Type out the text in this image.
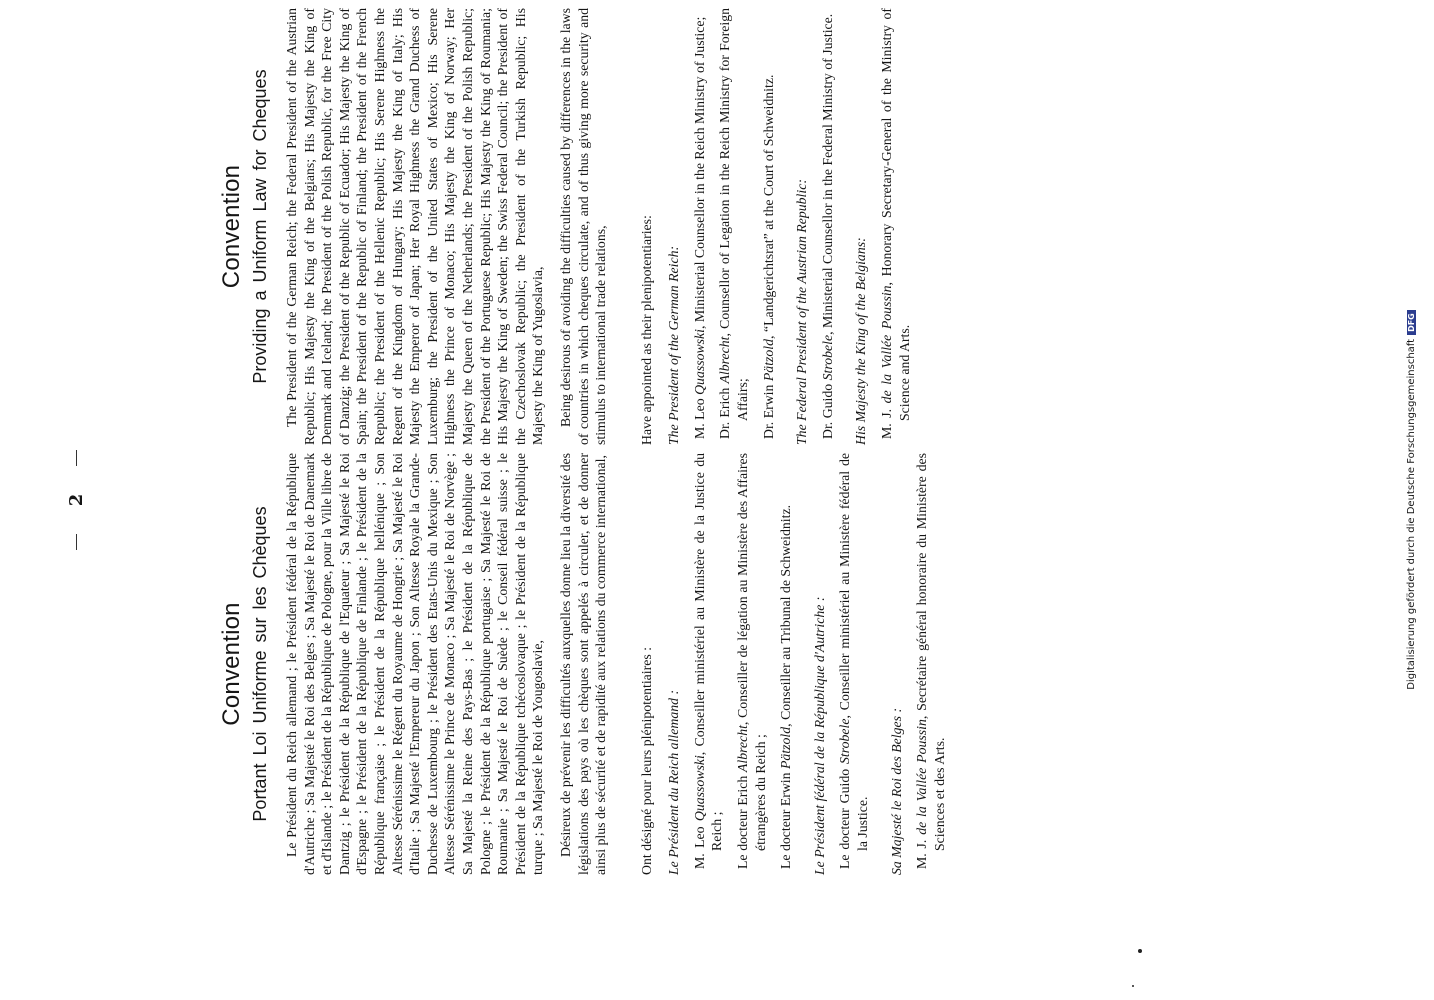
2
Convention Portant Loi Uniforme sur les Chèques Le Président du Reich allemand ; le Président fédéral de la République d'Autriche ; Sa Majesté le Roi des Belges ; Sa Majesté le Roi de Danemark et d'Islande ; le Président de la République de Pologne, pour la Ville libre de Dantzig ; le Président de la République de l'Equateur ; Sa Majesté le Roi d'Espagne ; le Président de la République de Finlande ; le Président de la République française ; le Président de la République hellénique ; Son Altesse Sérénissime le Régent du Royaume de Hongrie ; Sa Majesté le Roi d'Italie ; Sa Majesté l'Empereur du Japon ; Son Altesse Royale la Grande-Duchesse de Luxembourg ; le Président des Etats-Unis du Mexique ; Son Altesse Sérénissime le Prince de Monaco ; Sa Majesté le Roi de Norvège ; Sa Majesté la Reine des Pays-Bas ; le Président de la République de Pologne ; le Président de la République portugaise ; Sa Majesté le Roi de Roumanie ; Sa Majesté le Roi de Suède ; le Conseil fédéral suisse ; le Président de la République tchécoslovaque ; le Président de la République turque ; Sa Majesté le Roi de Yougoslavie, Désireux de prévenir les difficultés auxquelles donne lieu la diversité des législations des pays où les chèques sont appelés à circuler, et de donner ainsi plus de sécurité et de rapidité aux relations du commerce international, Ont désigné pour leurs plénipotentiaires : Le Président du Reich allemand : M. Leo Quassowski, Conseiller ministériel au Ministère de la Justice du Reich ; Le docteur Erich Albrecht, Conseiller de légation au Ministère des Affaires étrangères du Reich ; Le docteur Erwin Pätzold, Conseiller au Tribunal de Schweidnitz. Le Président fédéral de la République d'Autriche : Le docteur Guido Strobele, Conseiller ministériel au Ministère fédéral de la Justice. Sa Majesté le Roi des Belges : M. J. de la Vallée Poussin, Secrétaire général honoraire du Ministère des Sciences et des Arts.
Convention Providing a Uniform Law for Cheques The President of the German Reich; the Federal President of the Austrian Republic; His Majesty the King of the Belgians; His Majesty the King of Denmark and Iceland; the President of the Polish Republic, for the Free City of Danzig; the President of the Republic of Ecuador; His Majesty the King of Spain; the President of the Republic of Finland; the President of the French Republic; the President of the Hellenic Republic; His Serene Highness the Regent of the Kingdom of Hungary; His Majesty the King of Italy; His Majesty the Emperor of Japan; Her Royal Highness the Grand Duchess of Luxemburg; the President of the United States of Mexico; His Serene Highness the Prince of Monaco; His Majesty the King of Norway; Her Majesty the Queen of the Netherlands; the President of the Polish Republic; the President of the Portuguese Republic; His Majesty the King of Roumania; His Majesty the King of Sweden; the Swiss Federal Council; the President of the Czechoslovak Republic; the President of the Turkish Republic; His Majesty the King of Yugoslavia, Being desirous of avoiding the difficulties caused by differences in the laws of countries in which cheques circulate, and of thus giving more security and stimulus to international trade relations, Have appointed as their plenipotentiaries: The President of the German Reich: M. Leo Quassowski, Ministerial Counsellor in the Reich Ministry of Justice;
Dr. Erich Albrecht, Counsellor of Legation in the Reich Ministry for Foreign Affairs; Dr. Erwin Pätzold, “Landgerichtsrat” at the Court of Schweidnitz. The Federal President of the Austrian Republic: Dr. Guido Strobele, Ministerial Counsellor in the Federal Ministry of Justice.
His Majesty the King of the Belgians: M. J. de la Vallée Poussin, Honorary Secretary-General of the Ministry of Science and Arts.	Digitalisierung gefördert durch die Deutsche ForschungsgemeinschaftDFG
